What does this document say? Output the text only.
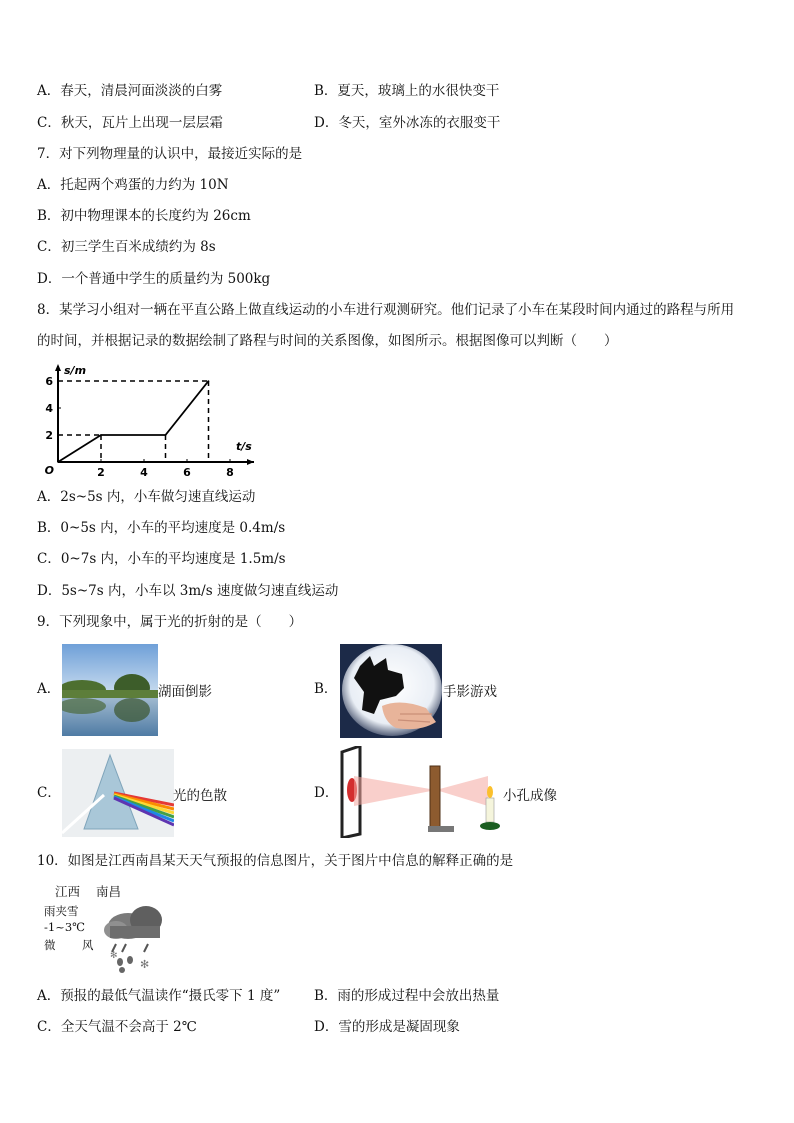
A．春天，清晨河面淡淡的白雾	B．夏天，玻璃上的水很快变干
C．秋天，瓦片上出现一层层霜	D．冬天，室外冰冻的衣服变干
7．对下列物理量的认识中，最接近实际的是
A．托起两个鸡蛋的力约为 10N
B．初中物理课本的长度约为 26cm
C．初三学生百米成绩约为 8s
D．一个普通中学生的质量约为 500kg
8．某学习小组对一辆在平直公路上做直线运动的小车进行观测研究。他们记录了小车在某段时间内通过的路程与所用
的时间，并根据记录的数据绘制了路程与时间的关系图像，如图所示。根据图像可以判断（　　）
s/m
t/s
O	2	4	6	8
2
4
6
A．2s~5s 内，小车做匀速直线运动
B．0~5s 内，小车的平均速度是 0.4m/s
C．0~7s 内，小车的平均速度是 1.5m/s
D．5s~7s 内，小车以 3m/s 速度做匀速直线运动
9．下列现象中，属于光的折射的是（　　）
A．	湖面倒影	B．	手影游戏
C．	光的色散	D．	小孔成像
10．如图是江西南昌某天天气预报的信息图片，关于图片中信息的解释正确的是
江西 南昌
雨夹雪
-1~3℃
微 风
✻
✻
A．预报的最低气温读作“摄氏零下 1 度”	B．雨的形成过程中会放出热量
C．全天气温不会高于 2℃	D．雪的形成是凝固现象
